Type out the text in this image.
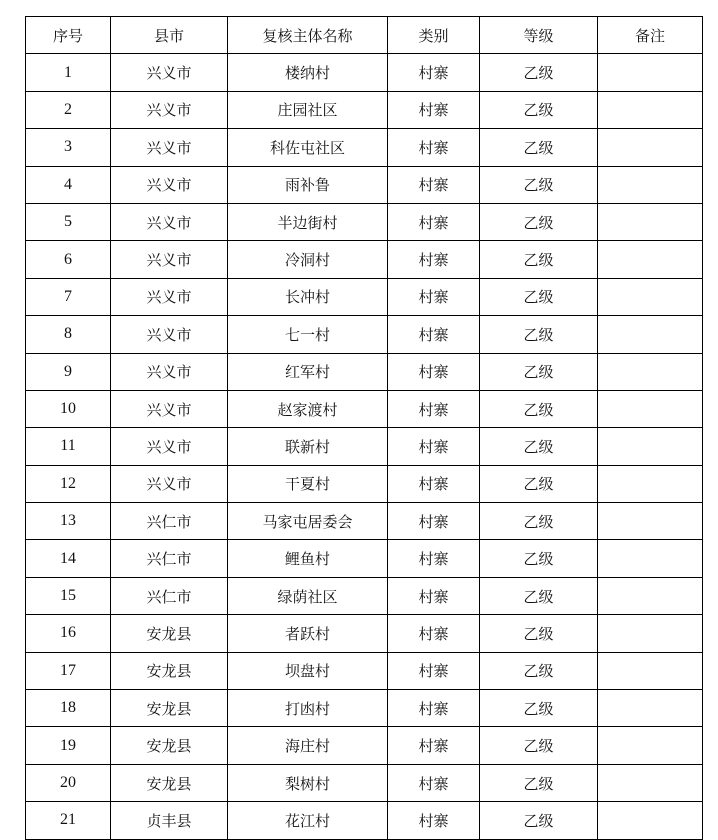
序号	县市	复核主体名称	类别	等级	备注
1	兴义市	楼纳村	村寨	乙级	
2	兴义市	庄园社区	村寨	乙级	
3	兴义市	科佐屯社区	村寨	乙级	
4	兴义市	雨补鲁	村寨	乙级	
5	兴义市	半边街村	村寨	乙级	
6	兴义市	冷洞村	村寨	乙级	
7	兴义市	长冲村	村寨	乙级	
8	兴义市	七一村	村寨	乙级	
9	兴义市	红军村	村寨	乙级	
10	兴义市	赵家渡村	村寨	乙级	
11	兴义市	联新村	村寨	乙级	
12	兴义市	干夏村	村寨	乙级	
13	兴仁市	马家屯居委会	村寨	乙级	
14	兴仁市	鲤鱼村	村寨	乙级	
15	兴仁市	绿荫社区	村寨	乙级	
16	安龙县	者跃村	村寨	乙级	
17	安龙县	坝盘村	村寨	乙级	
18	安龙县	打凼村	村寨	乙级	
19	安龙县	海庄村	村寨	乙级	
20	安龙县	梨树村	村寨	乙级	
21	贞丰县	花江村	村寨	乙级	
